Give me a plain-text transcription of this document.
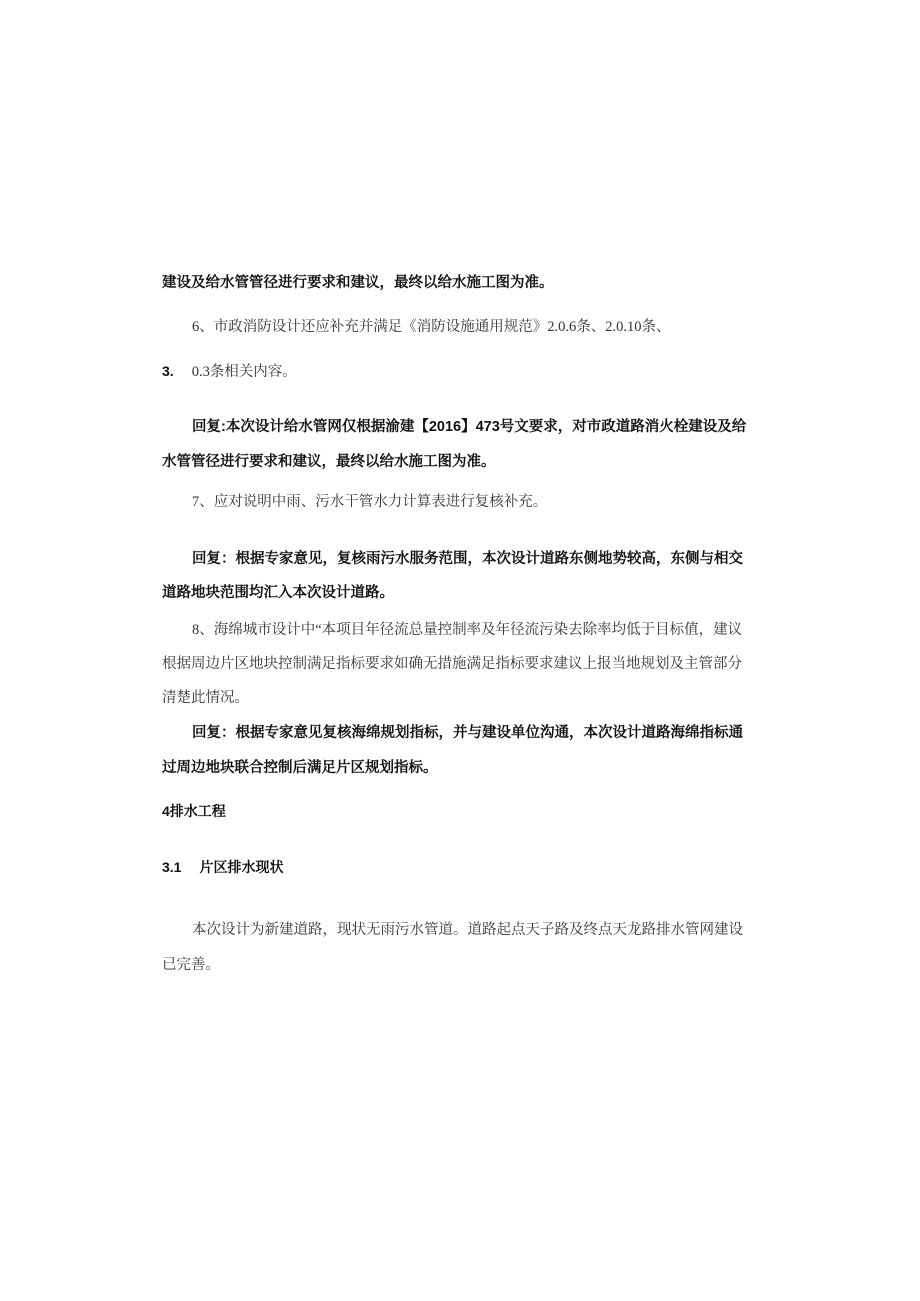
建设及给水管管径进行要求和建议，最终以给水施工图为准。
6、市政消防设计还应补充并满足《消防设施通用规范》2.0.6条、2.0.10条、
3. 0.3条相关内容。
回复:本次设计给水管网仅根据渝建【2016】473号文要求，对市政道路消火栓建设及给
水管管径进行要求和建议，最终以给水施工图为准。
7、应对说明中雨、污水干管水力计算表进行复核补充。
回复：根据专家意见，复核雨污水服务范围，本次设计道路东侧地势较高，东侧与相交
道路地块范围均汇入本次设计道路。
8、海绵城市设计中“本项目年径流总量控制率及年径流污染去除率均低于目标值，建议
根据周边片区地块控制满足指标要求如确无措施满足指标要求建议上报当地规划及主管部分
清楚此情况。
回复：根据专家意见复核海绵规划指标，并与建设单位沟通，本次设计道路海绵指标通
过周边地块联合控制后满足片区规划指标。
4排水工程
3.1 片区排水现状
本次设计为新建道路，现状无雨污水管道。道路起点天子路及终点天龙路排水管网建设
已完善。
